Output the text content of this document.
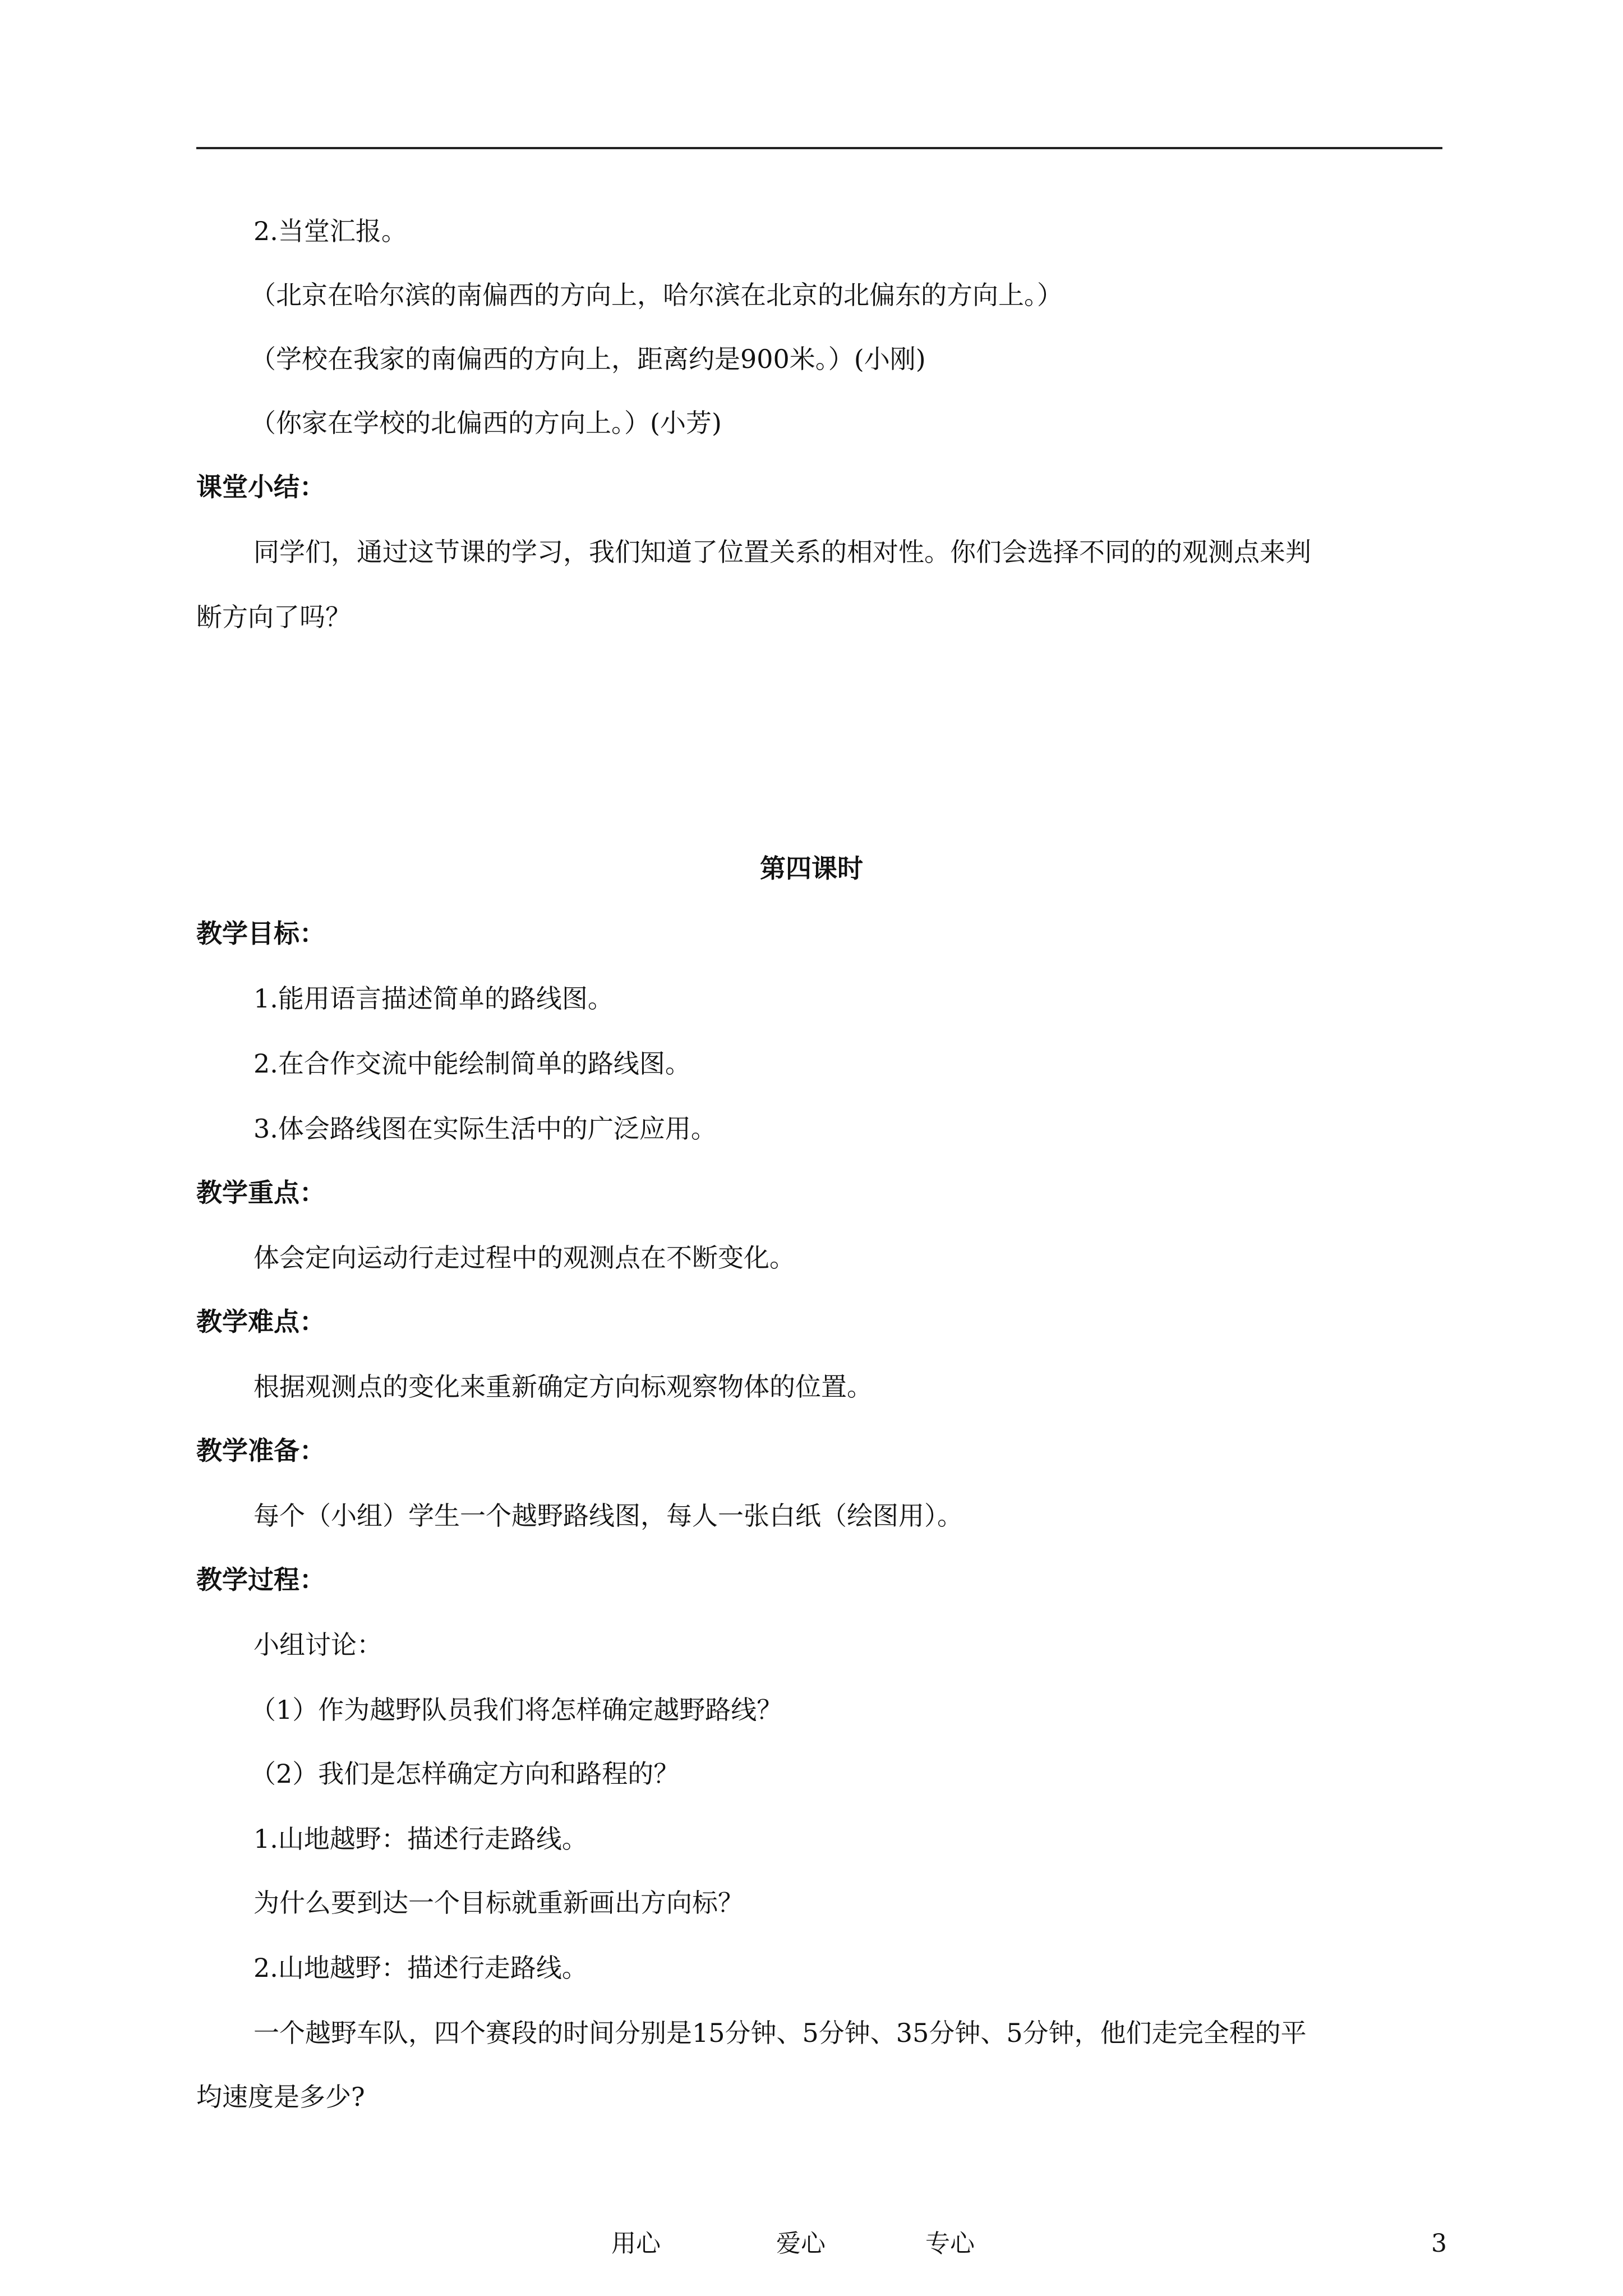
2.当堂汇报。
（北京在哈尔滨的南偏西的方向上，哈尔滨在北京的北偏东的方向上。）
（学校在我家的南偏西的方向上，距离约是900米。）(小刚)
（你家在学校的北偏西的方向上。）(小芳)
课堂小结：
同学们，通过这节课的学习，我们知道了位置关系的相对性。你们会选择不同的的观测点来判
断方向了吗？
第四课时
教学目标：
1.能用语言描述简单的路线图。
2.在合作交流中能绘制简单的路线图。
3.体会路线图在实际生活中的广泛应用。
教学重点：
体会定向运动行走过程中的观测点在不断变化。
教学难点：
根据观测点的变化来重新确定方向标观察物体的位置。
教学准备：
每个（小组）学生一个越野路线图，每人一张白纸（绘图用）。
教学过程：
小组讨论：
（1）作为越野队员我们将怎样确定越野路线？
（2）我们是怎样确定方向和路程的？
1.山地越野：描述行走路线。
为什么要到达一个目标就重新画出方向标？
2.山地越野：描述行走路线。
一个越野车队，四个赛段的时间分别是15分钟、5分钟、35分钟、5分钟，他们走完全程的平
均速度是多少?
用心	爱心	专心	3
